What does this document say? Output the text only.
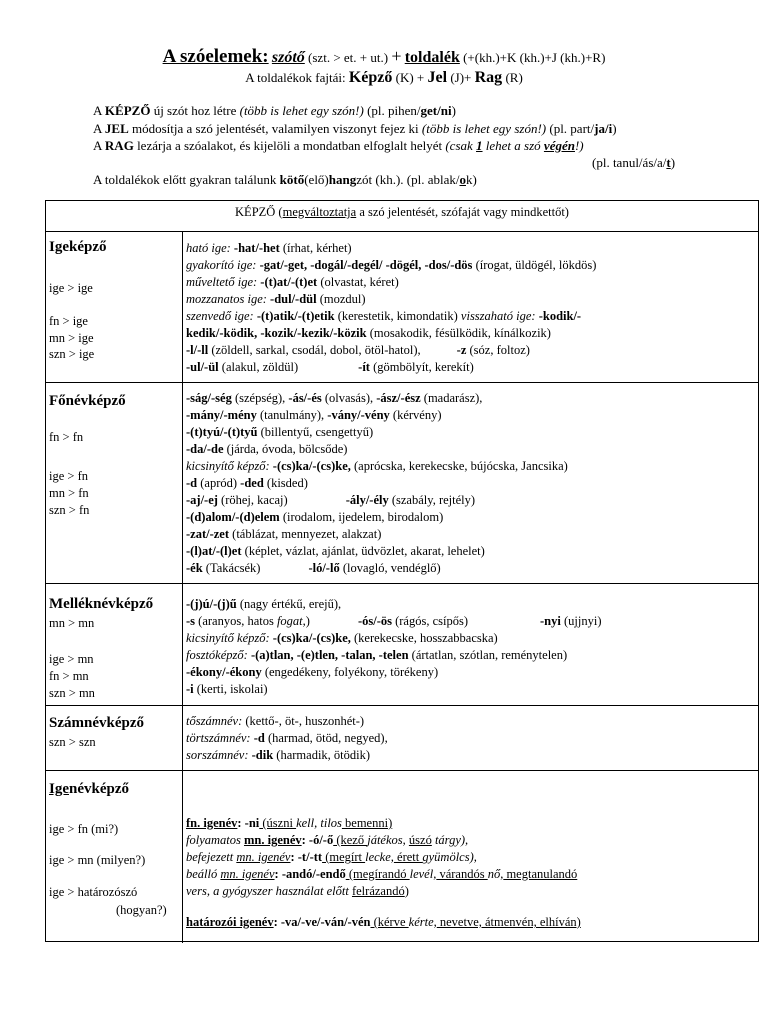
A szóelemek: szótő (szt. > et. + ut.) + toldalék (+(kh.)+K (kh.)+J (kh.)+R)
A toldalékok fajtái: Képző (K) + Jel (J)+ Rag (R)
A KÉPZŐ új szót hoz létre (több is lehet egy szón!) (pl. pihen/get/ni)
A JEL módosítja a szó jelentését, valamilyen viszonyt fejez ki (több is lehet egy szón!) (pl. part/ja/i)
A RAG lezárja a szóalakot, és kijelöli a mondatban elfoglalt helyét (csak 1 lehet a szó végén!)
(pl. tanul/ás/a/t)
A toldalékok előtt gyakran találunk kötő(elő)hangzót (kh.). (pl. ablak/ok)
KÉPZŐ (megváltoztatja a szó jelentését, szófaját vagy mindkettőt)
Igeképző
ige > ige
fn > ige
mn > ige
szn > ige
ható ige: -hat/-het (írhat, kérhet)
gyakorító ige: -gat/-get, -dogál/-degél/ -dögél, -dos/-dös (írogat, üldögél, lökdös)
műveltető ige: -(t)at/-(t)et (olvastat, kéret)
mozzanatos ige: -dul/-dül (mozdul)
szenvedő ige: -(t)atik/-(t)etik (kerestetik, kimondatik) visszaható ige: -kodik/-
kedik/-ködik, -kozik/-kezik/-közik (mosakodik, fésülködik, kínálkozik)
-l/-ll (zöldell, sarkal, csodál, dobol, ötöl-hatol),	-z (sóz, foltoz)
-ul/-ül (alakul, zöldül)	-ít (gömbölyít, kerekít)
Főnévképző
fn > fn
ige > fn
mn > fn
szn > fn
-ság/-ség (szépség), -ás/-és (olvasás), -ász/-ész (madarász),
-mány/-mény (tanulmány), -vány/-vény (kérvény)
-(t)tyú/-(t)tyű (billentyű, csengettyű)
-da/-de (járda, óvoda, bölcsőde)
kicsinyítő képző: -(cs)ka/-(cs)ke, (aprócska, kerekecske, bújócska, Jancsika)
-d (apród) -ded (kisded)
-aj/-ej (röhej, kacaj)	-ály/-ély (szabály, rejtély)
-(d)alom/-(d)elem (irodalom, ijedelem, birodalom)
-zat/-zet (táblázat, mennyezet, alakzat)
-(l)at/-(l)et (képlet, vázlat, ajánlat, üdvözlet, akarat, lehelet)
-ék (Takácsék)	-ló/-lő (lovagló, vendéglő)
Melléknévképző
mn > mn
ige > mn
fn > mn
szn > mn
-(j)ú/-(j)ű (nagy értékű, erejű),
-s (aranyos, hatos fogat,)	-ós/-ös (rágós, csípős)	-nyi (ujjnyi)
kicsinyítő képző: -(cs)ka/-(cs)ke, (kerekecske, hosszabbacska)
fosztóképző: -(a)tlan, -(e)tlen, -talan, -telen (ártatlan, szótlan, reménytelen)
-ékony/-ékony (engedékeny, folyékony, törékeny)
-i (kerti, iskolai)
Számnévképző
szn > szn
tőszámnév: (kettő-, öt-, huszonhét-)
törtszámnév: -d (harmad, ötöd, negyed),
sorszámnév: -dik (harmadik, ötödik)
Igenévképző
ige > fn (mi?)
ige > mn (milyen?)
ige > határozószó
(hogyan?)
fn. igenév: -ni (úszni kell, tilos bemenni)
folyamatos mn. igenév: -ó/-ő (kező játékos, úszó tárgy),
befejezett mn. igenév: -t/-tt (megírt lecke, érett gyümölcs),
beálló mn. igenév: -andó/-endő (megírandó levél, várandós nő, megtanulandó
vers, a gyógyszer használat előtt felrázandó)
határozói igenév: -va/-ve/-ván/-vén (kérve kérte, nevetve, átmenvén, elhíván)
